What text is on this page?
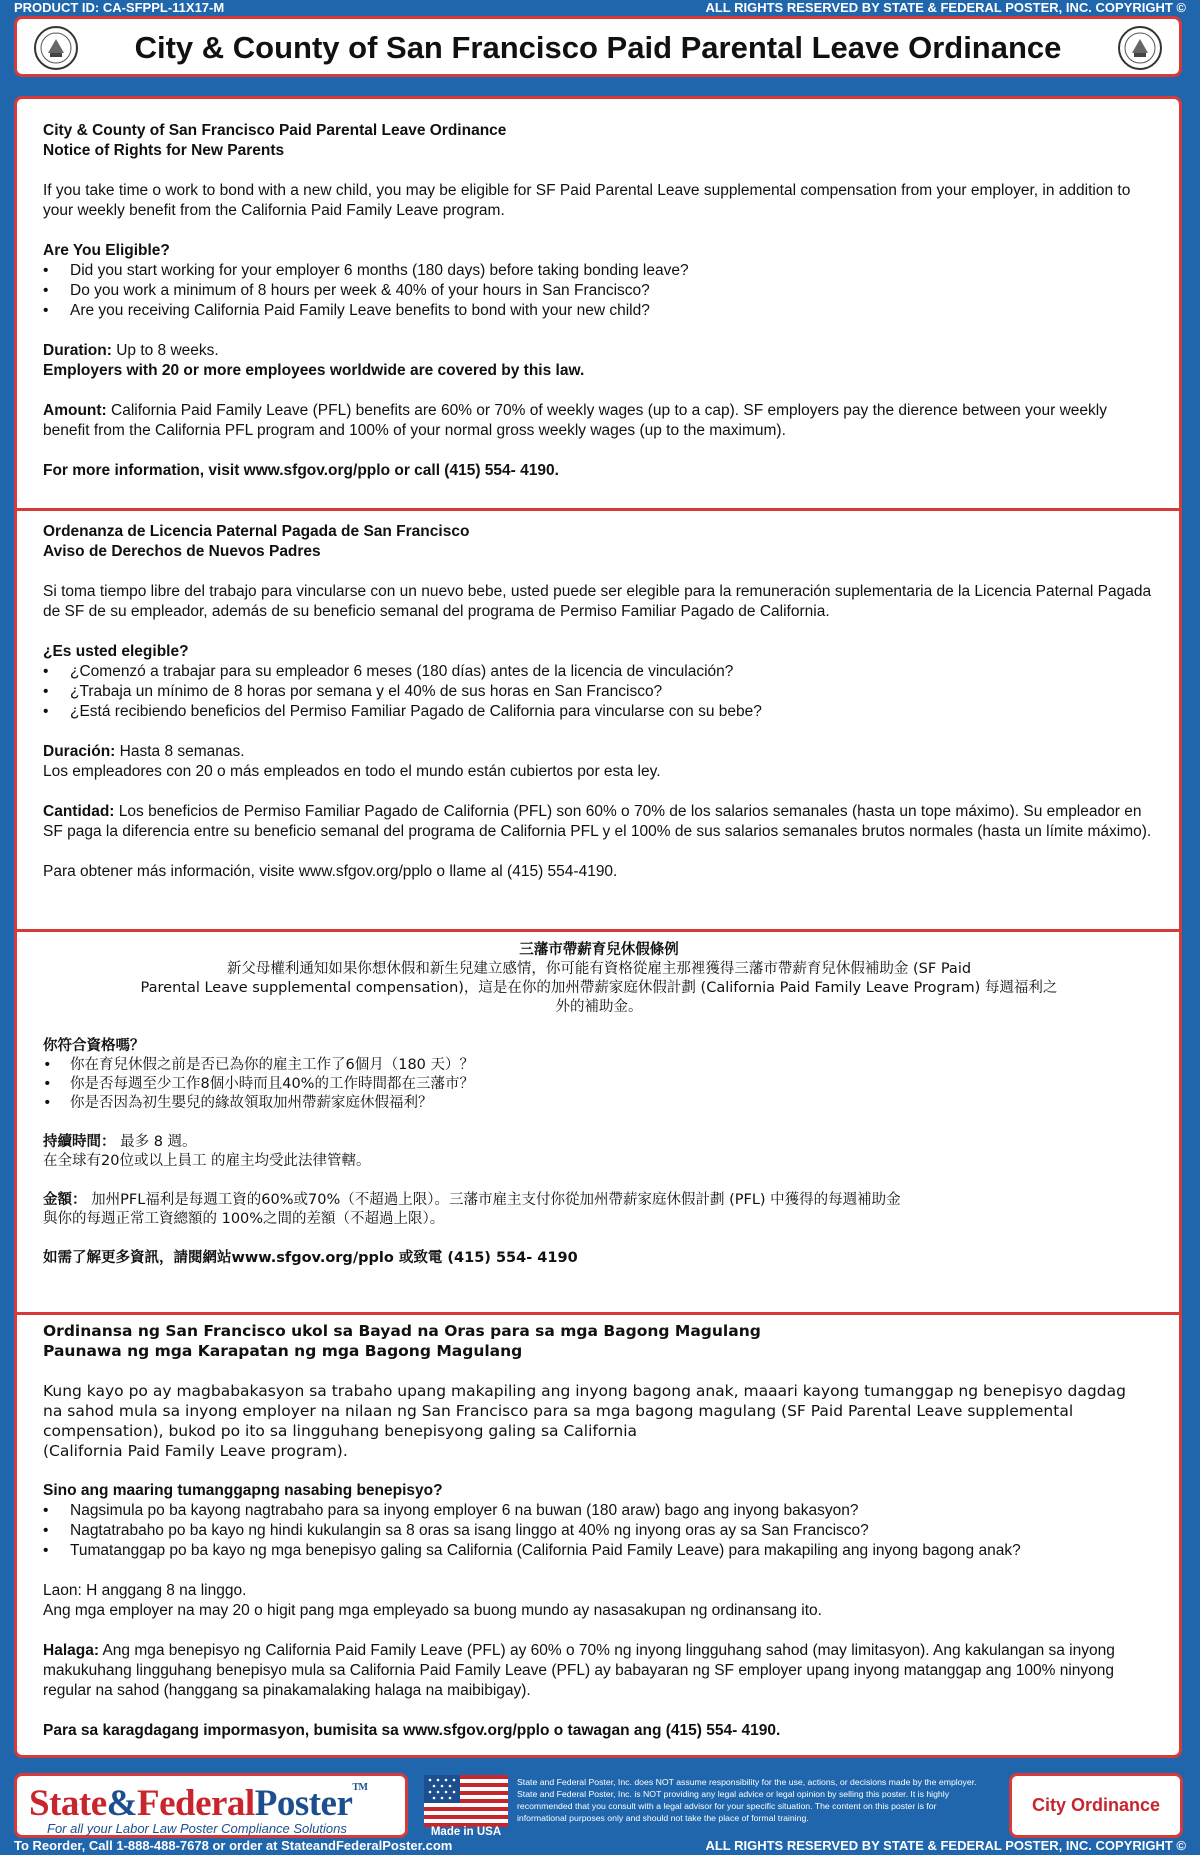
PRODUCT ID: CA-SFPPL-11X17-M	ALL RIGHTS RESERVED BY STATE & FEDERAL POSTER, INC. COPYRIGHT ©
City & County of San Francisco Paid Parental Leave Ordinance

City & County of San Francisco Paid Parental Leave Ordinance

Notice of Rights for New Parents

If you take time o work to bond with a new child, you may be eligible for SF Paid Parental Leave supplemental compensation from your employer, in addition to your weekly benefit from the California Paid Family Leave program.

Are You Eligible?

• Did you start working for your employer 6 months (180 days) before taking bonding leave?
• Do you work a minimum of 8 hours per week & 40% of your hours in San Francisco?
• Are you receiving California Paid Family Leave benefits to bond with your new child?

Duration: Up to 8 weeks.

Employers with 20 or more employees worldwide are covered by this law.

Amount: California Paid Family Leave (PFL) benefits are 60% or 70% of weekly wages (up to a cap). SF employers pay the dierence between your weekly benefit from the California PFL program and 100% of your normal gross weekly wages (up to the maximum).

For more information, visit www.sfgov.org/pplo or call (415) 554- 4190.

Ordenanza de Licencia Paternal Pagada de San Francisco

Aviso de Derechos de Nuevos Padres

Si toma tiempo libre del trabajo para vincularse con un nuevo bebe, usted puede ser elegible para la remuneración suplementaria de la Licencia Paternal Pagada de SF de su empleador, además de su beneficio semanal del programa de Permiso Familiar Pagado de California.

¿Es usted elegible?

• ¿Comenzó a trabajar para su empleador 6 meses (180 días) antes de la licencia de vinculación?
• ¿Trabaja un mínimo de 8 horas por semana y el 40% de sus horas en San Francisco?
• ¿Está recibiendo beneficios del Permiso Familiar Pagado de California para vincularse con su bebe?

Duración: Hasta 8 semanas.

Los empleadores con 20 o más empleados en todo el mundo están cubiertos por esta ley.

Cantidad: Los beneficios de Permiso Familiar Pagado de California (PFL) son 60% o 70% de los salarios semanales (hasta un tope máximo). Su empleador en SF paga la diferencia entre su beneficio semanal del programa de California PFL y el 100% de sus salarios semanales brutos normales (hasta un límite máximo).

Para obtener más información, visite www.sfgov.org/pplo o llame al (415) 554-4190.

三藩市帶薪育兒休假條例

新父母權利通知如果你想休假和新生兒建立感情，你可能有資格從雇主那裡獲得三藩市帶薪育兒休假補助金 (SF Paid

Parental Leave supplemental compensation)，這是在你的加州帶薪家庭休假計劃 (California Paid Family Leave Program) 每週福利之

外的補助金。

你符合資格嗎？

• 你在育兒休假之前是否已為你的雇主工作了6個月（180 天）？
• 你是否每週至少工作8個小時而且40%的工作時間都在三藩市？
• 你是否因為初生嬰兒的緣故領取加州帶薪家庭休假福利？

持續時間： 最多 8 週。

在全球有20位或以上員工 的雇主均受此法律管轄。

金額： 加州PFL福利是每週工資的60%或70%（不超過上限）。三藩市雇主支付你從加州帶薪家庭休假計劃 (PFL) 中獲得的每週補助金

與你的每週正常工資總額的 100%之間的差額（不超過上限）。

如需了解更多資訊，請閱網站www.sfgov.org/pplo 或致電 (415) 554- 4190

Ordinansa ng San Francisco ukol sa Bayad na Oras para sa mga Bagong Magulang

Paunawa ng mga Karapatan ng mga Bagong Magulang

Kung kayo po ay magbabakasyon sa trabaho upang makapiling ang inyong bagong anak, maaari kayong tumanggap ng benepisyo dagdag

na sahod mula sa inyong employer na nilaan ng San Francisco para sa mga bagong magulang (SF Paid Parental Leave supplemental

compensation), bukod po ito sa lingguhang benepisyong galing sa California

(California Paid Family Leave program).

Sino ang maaring tumanggapng nasabing benepisyo?

• Nagsimula po ba kayong nagtrabaho para sa inyong employer 6 na buwan (180 araw) bago ang inyong bakasyon?
• Nagtatrabaho po ba kayo ng hindi kukulangin sa 8 oras sa isang linggo at 40% ng inyong oras ay sa San Francisco?
• Tumatanggap po ba kayo ng mga benepisyo galing sa California (California Paid Family Leave) para makapiling ang inyong bagong anak?

Laon: H anggang 8 na linggo.

Ang mga employer na may 20 o higit pang mga empleyado sa buong mundo ay nasasakupan ng ordinansang ito.

Halaga: Ang mga benepisyo ng California Paid Family Leave (PFL) ay 60% o 70% ng inyong lingguhang sahod (may limitasyon). Ang kakulangan sa inyong makukuhang lingguhang benepisyo mula sa California Paid Family Leave (PFL) ay babayaran ng SF employer upang inyong matanggap ang 100% ninyong regular na sahod (hanggang sa pinakamalaking halaga na maibibigay).

Para sa karagdagang impormasyon, bumisita sa www.sfgov.org/pplo o tawagan ang (415) 554- 4190.

State&FederalPoster™
For all your Labor Law Poster Compliance Solutions	Made in USA
State and Federal Poster, Inc. does NOT assume responsibility for the use, actions, or decisions made by the employer. State and Federal Poster, Inc. is NOT providing any legal advice or legal opinion by selling this poster. It is highly recommended that you consult with a legal advisor for your specific situation. The content on this poster is for informational purposes only and should not take the place of formal training.
City Ordinance
To Reorder, Call 1-888-488-7678 or order at StateandFederalPoster.com	ALL RIGHTS RESERVED BY STATE & FEDERAL POSTER, INC. COPYRIGHT ©
